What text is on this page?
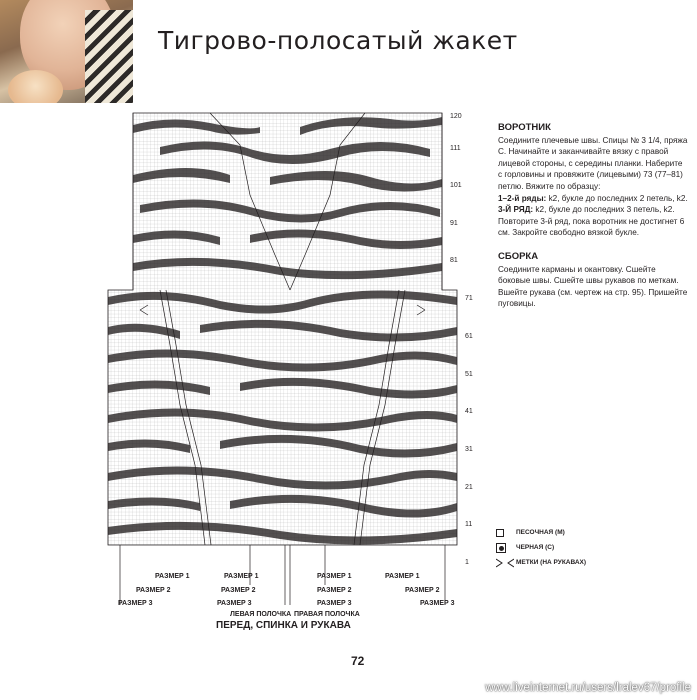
Тигрово-полосатый жакет
120
111
101
91
81
71
61
51
41
31
21
11
1
РАЗМЕР 1	РАЗМЕР 1	РАЗМЕР 1	РАЗМЕР 1
РАЗМЕР 2	РАЗМЕР 2	РАЗМЕР 2	РАЗМЕР 2
РАЗМЕР 3	РАЗМЕР 3	РАЗМЕР 3	РАЗМЕР 3
ЛЕВАЯ ПОЛОЧКА ПРАВАЯ ПОЛОЧКА
ПЕРЕД, СПИНКА И РУКАВА
ВОРОТНИК

Соедините плечевые швы. Спицы № 3 1/4, пряжа С. Начинайте и заканчивайте вязку с правой лицевой стороны, с середины планки. Наберите с горловины и провяжите (лицевыми) 73 (77–81) петлю. Вяжите по образцу:

1–2-й ряды: k2, букле до последних 2 петель, k2.

3-Й РЯД: k2, букле до последних 3 петель, k2. Повторите 3-й ряд, пока воротник не достигнет 6 см. Закройте свободно вязкой букле.

СБОРКА

Соедините карманы и окантовку. Сшейте боковые швы. Сшейте швы рукавов по меткам. Вшейте рукава (см. чертеж на стр. 95). Пришейте пуговицы.

ПЕСОЧНАЯ (М)
ЧЕРНАЯ (С)
МЕТКИ (НА РУКАВАХ)
72
www.liveinternet.ru/users/lralev67/profile
